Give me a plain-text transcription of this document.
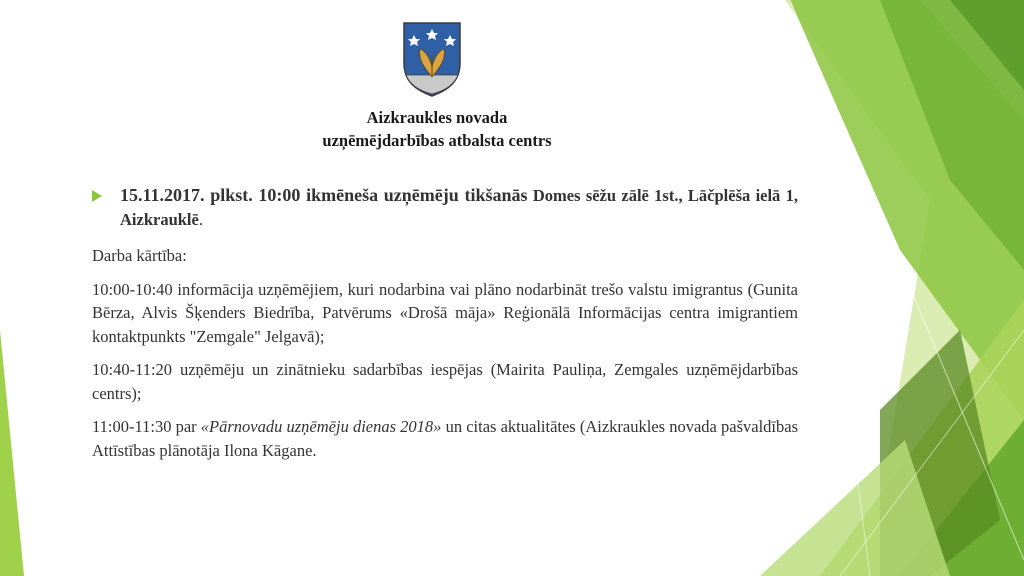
Aizkraukles novada
uzņēmējdarbības atbalsta centrs
15.11.2017. plkst. 10:00 ikmēneša uzņēmēju tikšanās Domes sēžu zālē 1st., Lāčplēša ielā 1, Aizkrauklē.

Darba kārtība:

10:00-10:40 informācija uzņēmējiem, kuri nodarbina vai plāno nodarbināt trešo valstu imigrantus (Gunita Bērza, Alvis Šķenders Biedrība, Patvērums «Drošā māja» Reģionālā Informācijas centra imigrantiem kontaktpunkts "Zemgale" Jelgavā);

10:40-11:20 uzņēmēju un zinātnieku sadarbības iespējas (Mairita Pauliņa, Zemgales uzņēmējdarbības centrs);

11:00-11:30 par «Pārnovadu uzņēmēju dienas 2018» un citas aktualitātes (Aizkraukles novada pašvaldības Attīstības plānotāja Ilona Kāgane.
